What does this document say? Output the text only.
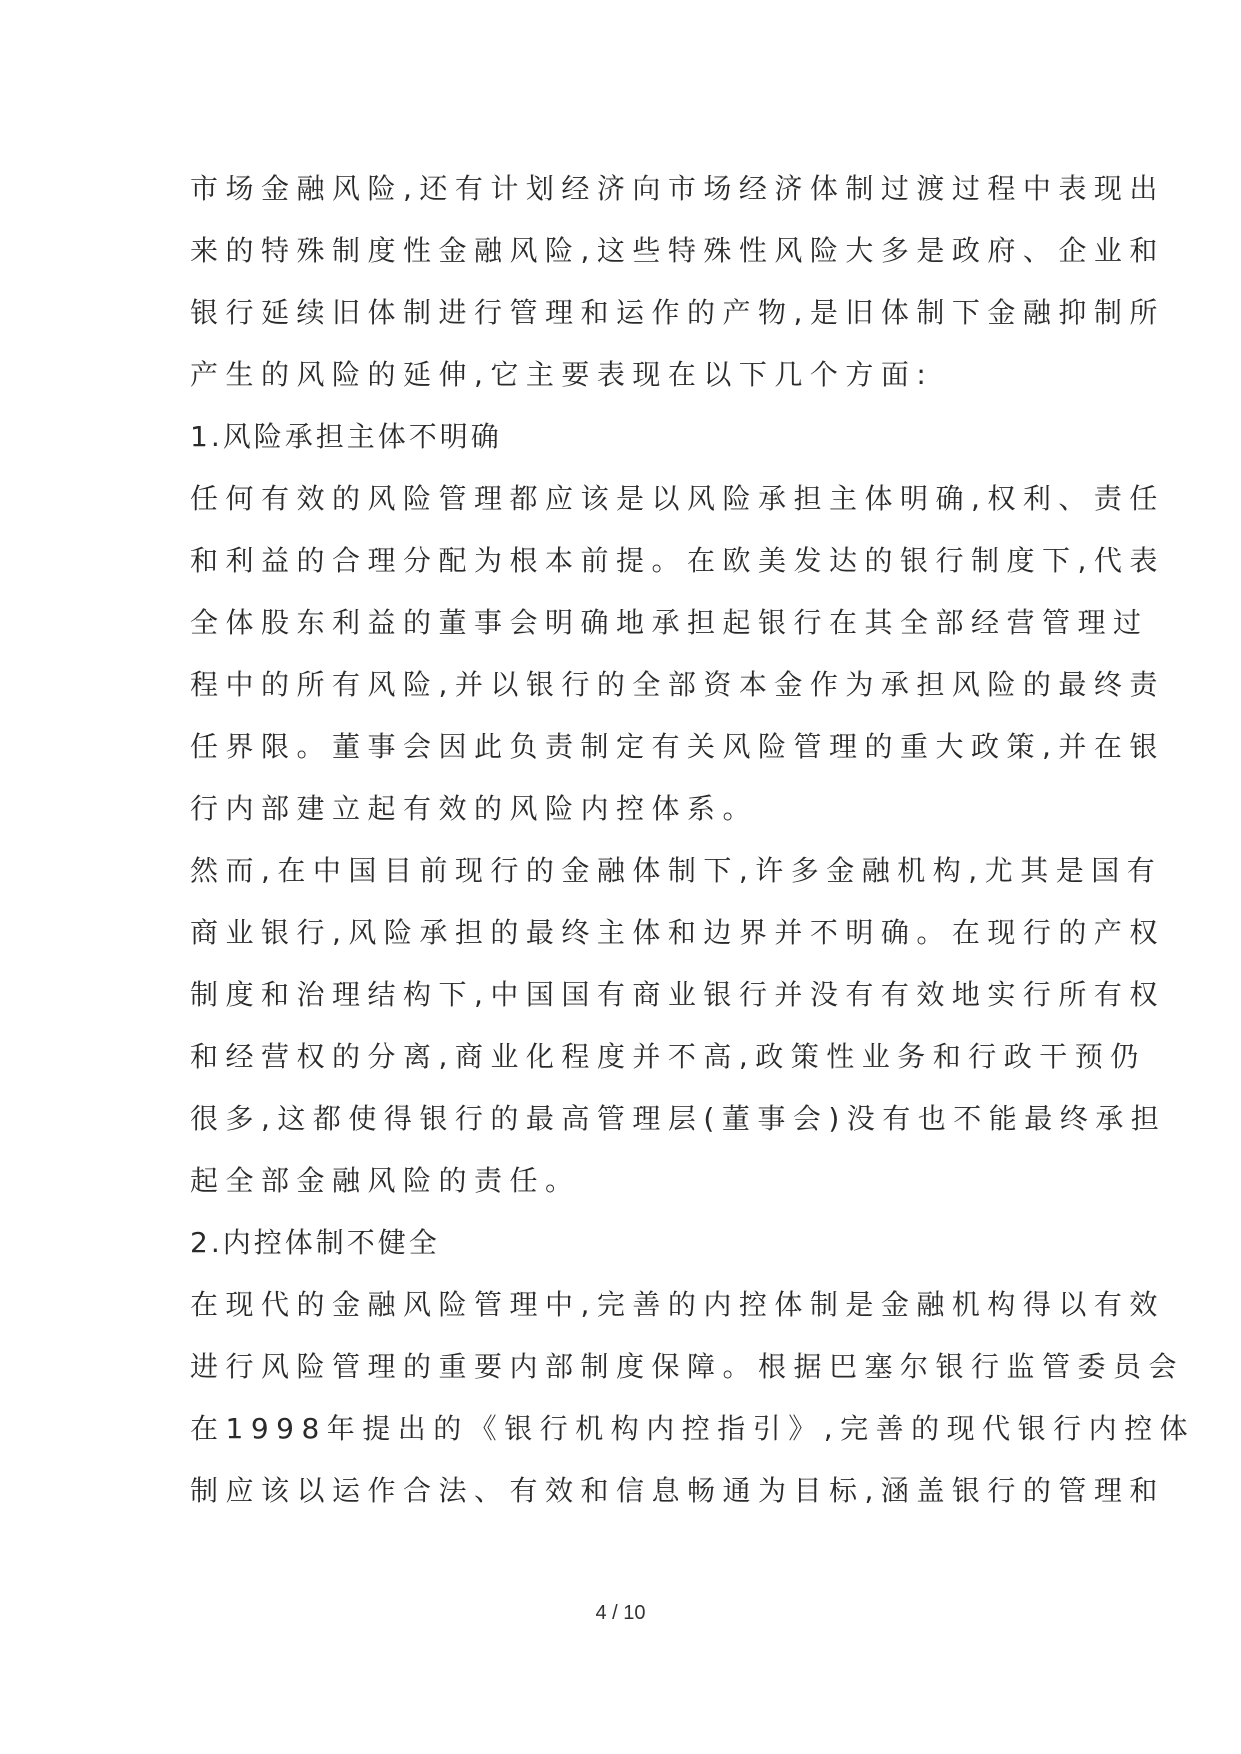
市场金融风险,还有计划经济向市场经济体制过渡过程中表现出
来的特殊制度性金融风险,这些特殊性风险大多是政府、企业和
银行延续旧体制进行管理和运作的产物,是旧体制下金融抑制所
产生的风险的延伸,它主要表现在以下几个方面:
1.风险承担主体不明确
任何有效的风险管理都应该是以风险承担主体明确,权利、责任
和利益的合理分配为根本前提。在欧美发达的银行制度下,代表
全体股东利益的董事会明确地承担起银行在其全部经营管理过
程中的所有风险,并以银行的全部资本金作为承担风险的最终责
任界限。董事会因此负责制定有关风险管理的重大政策,并在银
行内部建立起有效的风险内控体系。
然而,在中国目前现行的金融体制下,许多金融机构,尤其是国有
商业银行,风险承担的最终主体和边界并不明确。在现行的产权
制度和治理结构下,中国国有商业银行并没有有效地实行所有权
和经营权的分离,商业化程度并不高,政策性业务和行政干预仍
很多,这都使得银行的最高管理层(董事会)没有也不能最终承担
起全部金融风险的责任。
2.内控体制不健全
在现代的金融风险管理中,完善的内控体制是金融机构得以有效
进行风险管理的重要内部制度保障。根据巴塞尔银行监管委员会
在1998年提出的《银行机构内控指引》,完善的现代银行内控体
制应该以运作合法、有效和信息畅通为目标,涵盖银行的管理和
4 / 10
